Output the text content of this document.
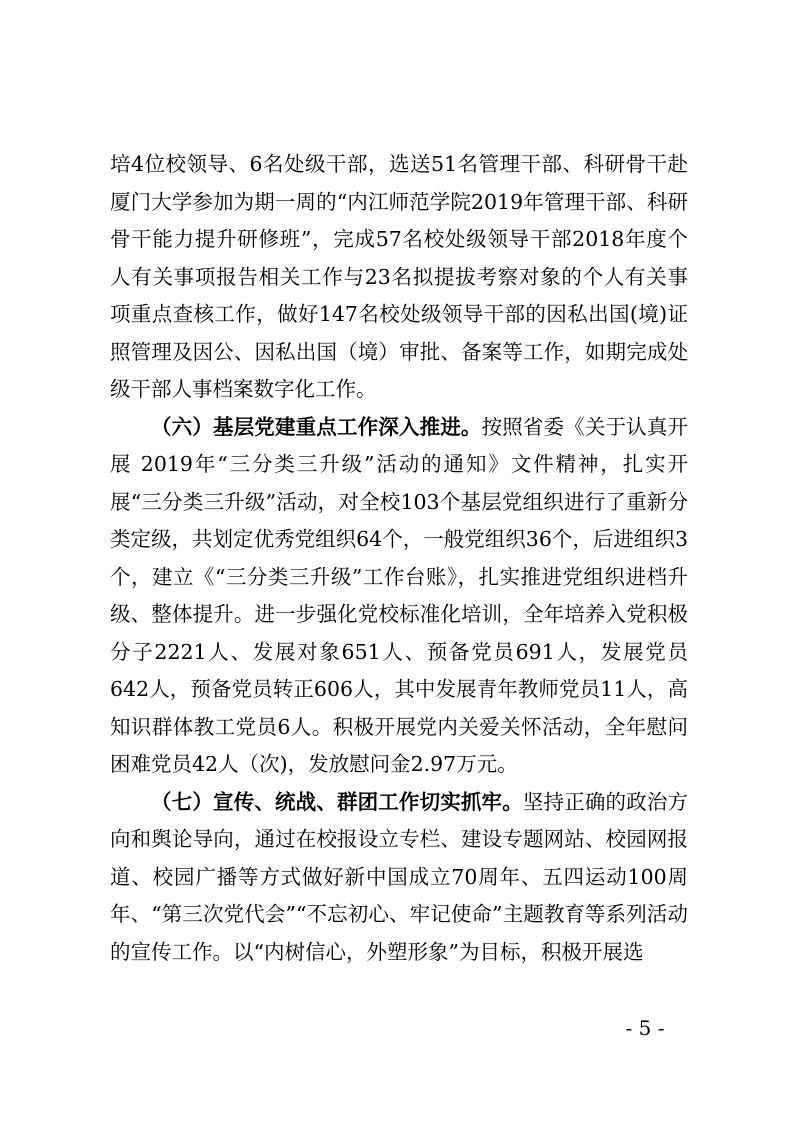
培4位校领导、6名处级干部，选送51名管理干部、科研骨干赴厦门大学参加为期一周的“内江师范学院2019年管理干部、科研骨干能力提升研修班”，完成57名校处级领导干部2018年度个人有关事项报告相关工作与23名拟提拔考察对象的个人有关事项重点查核工作，做好147名校处级领导干部的因私出国(境)证照管理及因公、因私出国（境）审批、备案等工作，如期完成处级干部人事档案数字化工作。

（六）基层党建重点工作深入推进。按照省委《关于认真开展 2019年“三分类三升级”活动的通知》文件精神，扎实开展“三分类三升级”活动，对全校103个基层党组织进行了重新分类定级，共划定优秀党组织64个，一般党组织36个，后进组织3个，建立《“三分类三升级”工作台账》，扎实推进党组织进档升级、整体提升。进一步强化党校标准化培训，全年培养入党积极分子2221人、发展对象651人、预备党员691人，发展党员642人，预备党员转正606人，其中发展青年教师党员11人，高知识群体教工党员6人。积极开展党内关爱关怀活动，全年慰问困难党员42人（次)，发放慰问金2.97万元。

（七）宣传、统战、群团工作切实抓牢。坚持正确的政治方向和舆论导向，通过在校报设立专栏、建设专题网站、校园网报道、校园广播等方式做好新中国成立70周年、五四运动100周年、“第三次党代会”“不忘初心、牢记使命”主题教育等系列活动的宣传工作。以“内树信心，外塑形象”为目标，积极开展选

- 5 -
